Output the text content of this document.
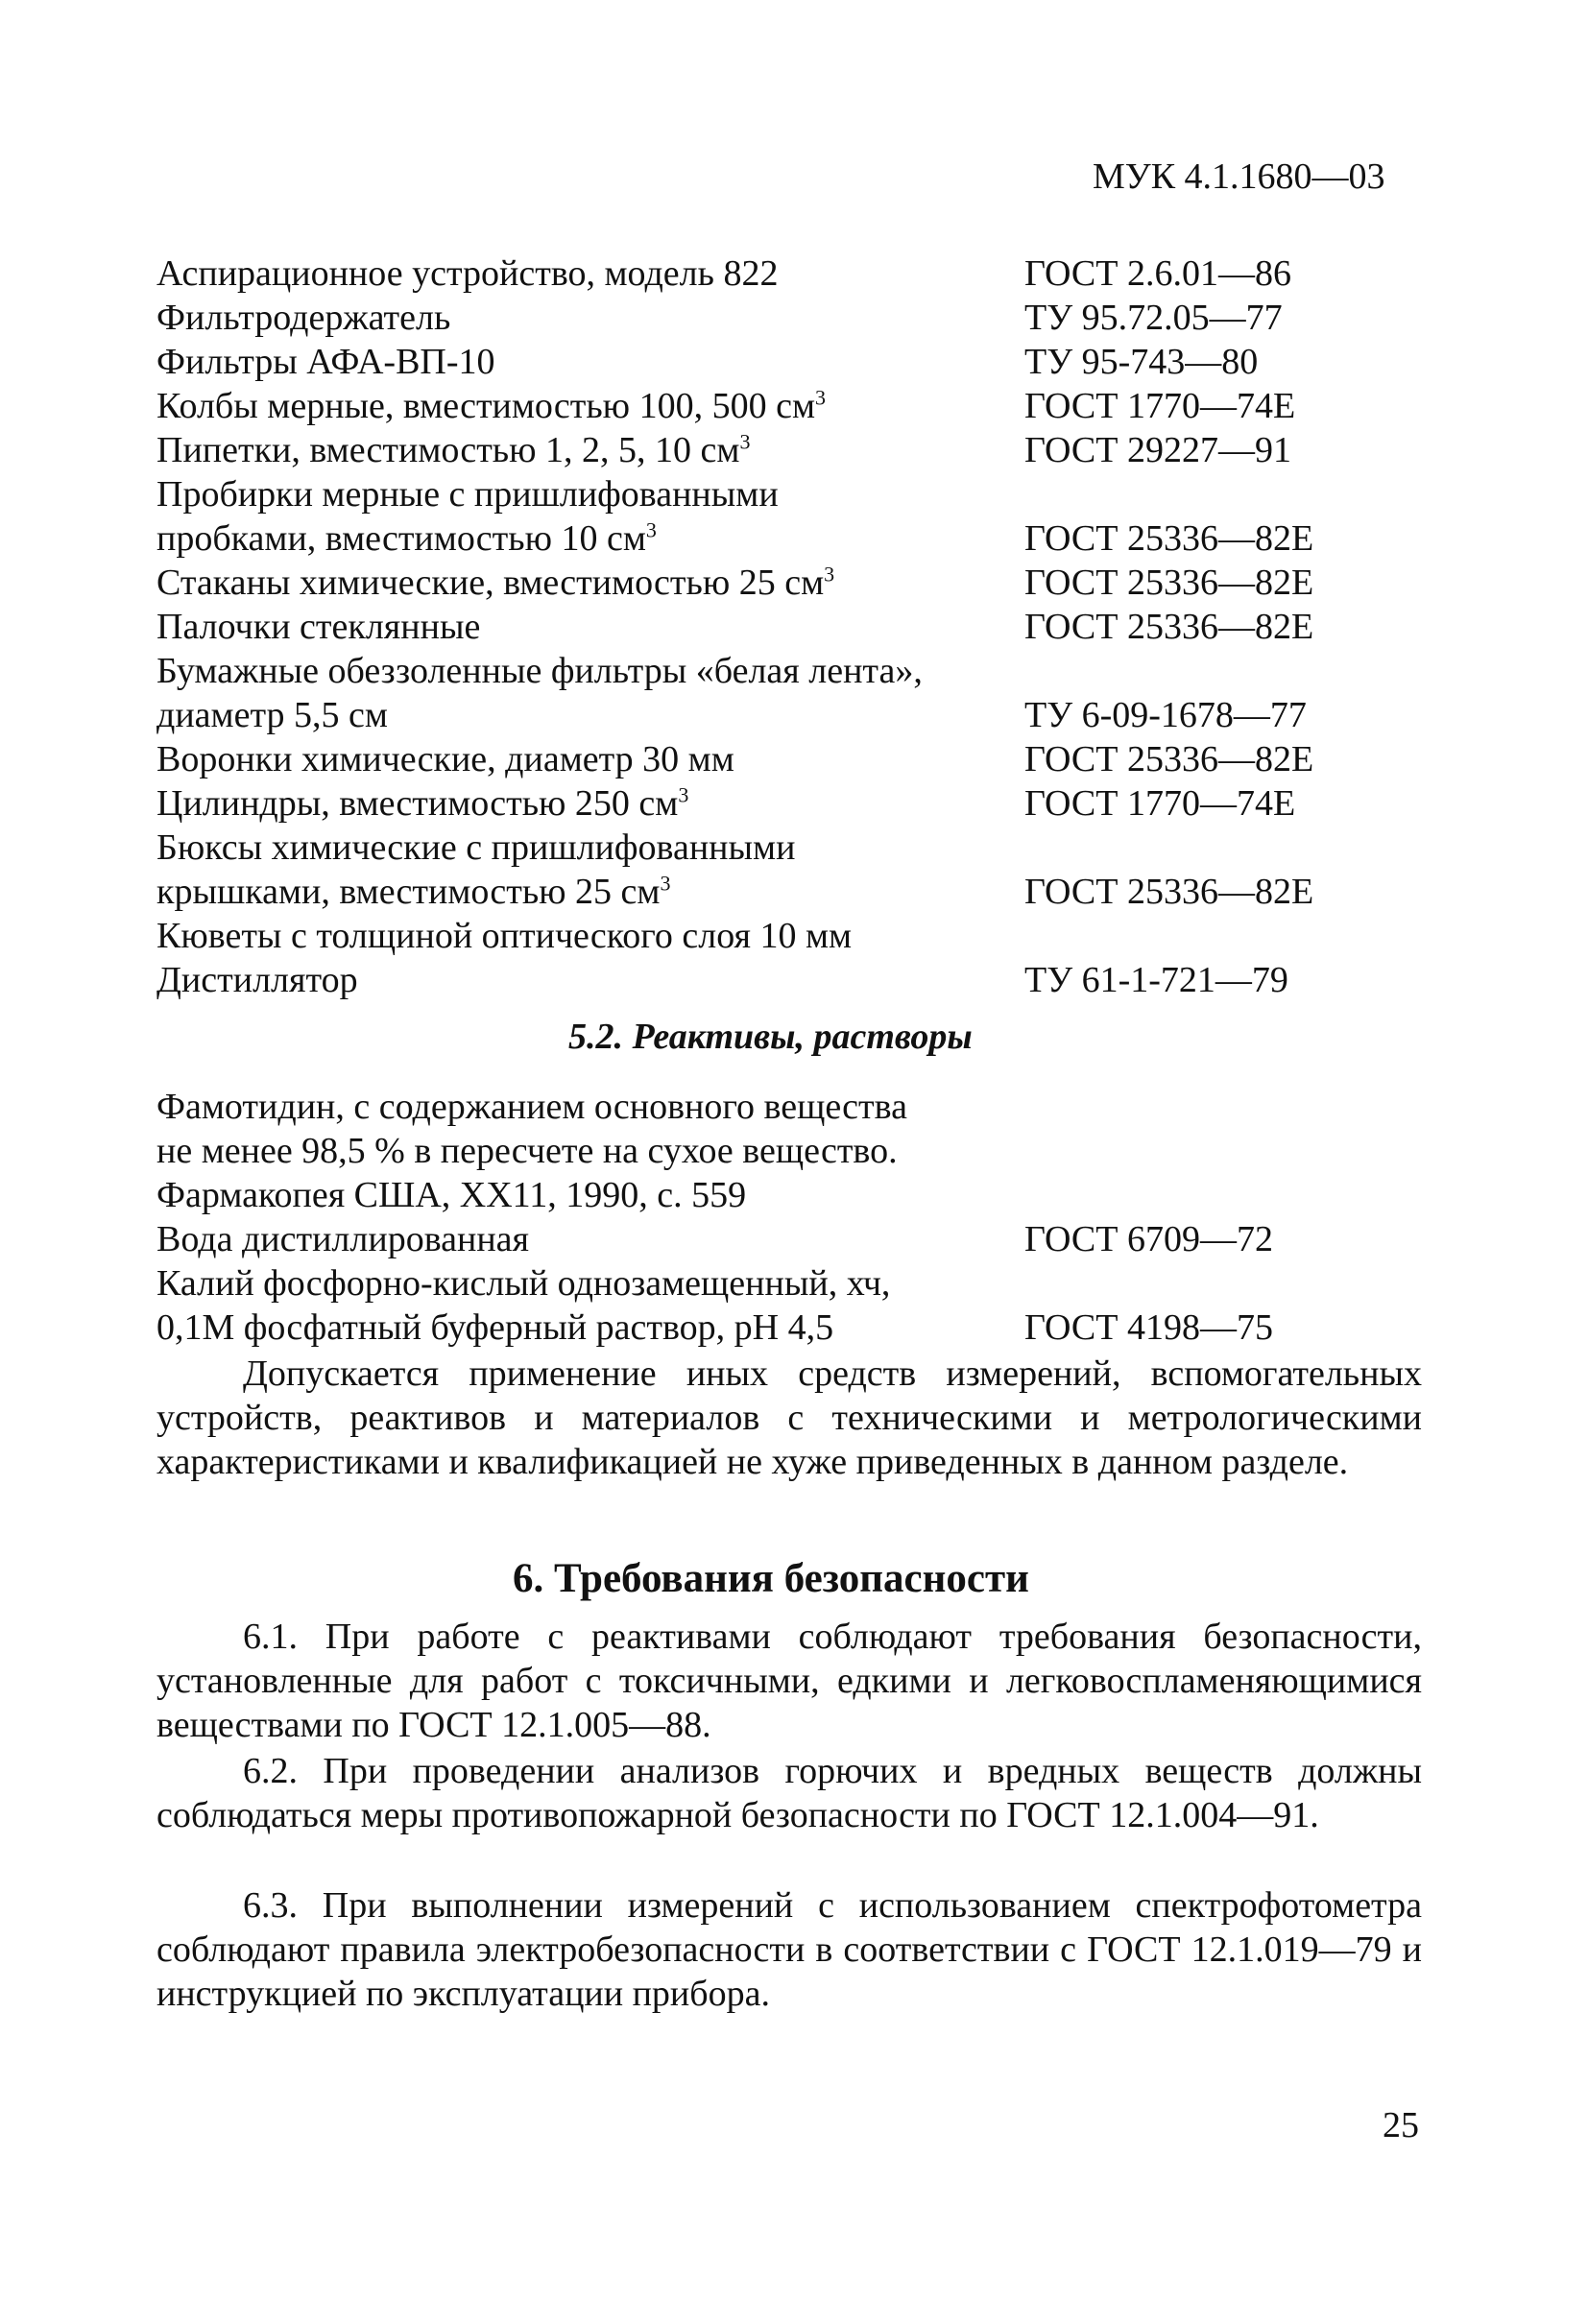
МУК 4.1.1680—03
Аспирационное устройство, модель 822	ГОСТ 2.6.01—86
Фильтродержатель	ТУ 95.72.05—77
Фильтры АФА-ВП-10	ТУ 95-743—80
Колбы мерные, вместимостью 100, 500 $см^3$	ГОСТ 1770—74Е
Пипетки, вместимостью 1, 2, 5, 10 $см^3$	ГОСТ 29227—91
Пробирки мерные с пришлифованными
пробками, вместимостью 10 $см^3$	ГОСТ 25336—82Е
Стаканы химические, вместимостью 25 $см^3$	ГОСТ 25336—82Е
Палочки стеклянные	ГОСТ 25336—82Е
Бумажные обеззоленные фильтры «белая лента»,
диаметр 5,5 см	ТУ 6-09-1678—77
Воронки химические, диаметр 30 мм	ГОСТ 25336—82Е
Цилиндры, вместимостью 250 $см^3$	ГОСТ 1770—74Е
Бюксы химические с пришлифованными
крышками, вместимостью 25 $см^3$	ГОСТ 25336—82Е
Кюветы с толщиной оптического слоя 10 мм
Дистиллятор	ТУ 61-1-721—79
5.2. Реактивы, растворы
Фамотидин, с содержанием основного вещества
не менее 98,5 % в пересчете на сухое вещество.
Фармакопея США, XX11, 1990, с. 559
Вода дистиллированная	ГОСТ 6709—72
Калий фосфорно-кислый однозамещенный, хч,
0,1М фосфатный буферный раствор, рН 4,5	ГОСТ 4198—75
Допускается применение иных средств измерений, вспомогательных устройств, реактивов и материалов с техническими и метрологическими характеристиками и квалификацией не хуже приведенных в данном разделе.
6. Требования безопасности
6.1. При работе с реактивами соблюдают требования безопасности, установленные для работ с токсичными, едкими и легковоспламеняющимися веществами по ГОСТ 12.1.005—88.
6.2. При проведении анализов горючих и вредных веществ должны соблюдаться меры противопожарной безопасности по ГОСТ 12.1.004—91.
6.3. При выполнении измерений с использованием спектрофотометра соблюдают правила электробезопасности в соответствии с ГОСТ 12.1.019—79 и инструкцией по эксплуатации прибора.
25
